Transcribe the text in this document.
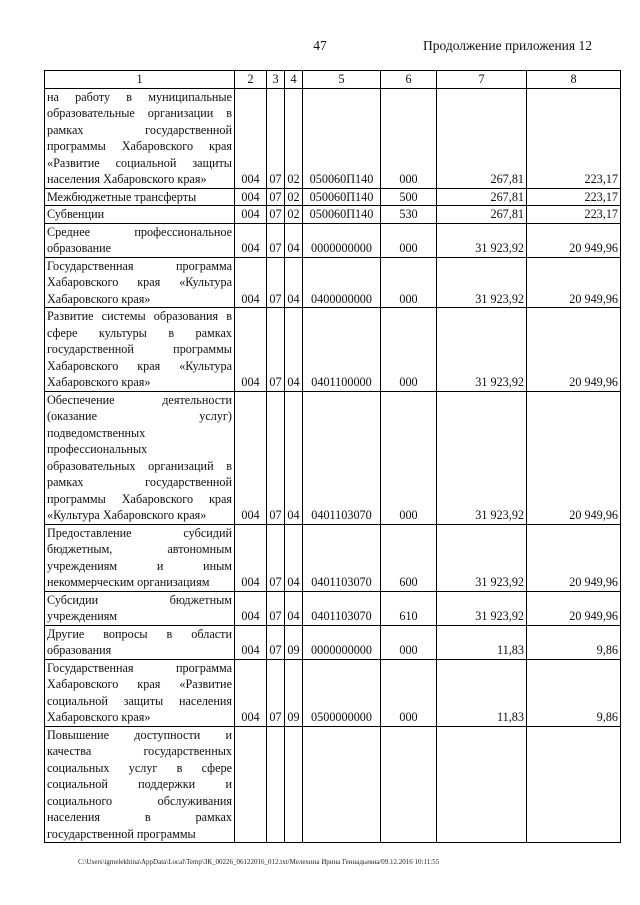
47	Продолжение приложения 12
1	2	3	4	5	6	7	8
на работу в муниципальные образовательные организации в рамках государственной программы Хабаровского края «Развитие социальной защиты населения Хабаровского края»	004	07	02	050060П140	000	267,81	223,17
Межбюджетные трансферты	004	07	02	050060П140	500	267,81	223,17
Субвенции	004	07	02	050060П140	530	267,81	223,17
Среднее профессиональное образование	004	07	04	0000000000	000	31 923,92	20 949,96
Государственная программа Хабаровского края «Культура Хабаровского края»	004	07	04	0400000000	000	31 923,92	20 949,96
Развитие системы образования в сфере культуры в рамках государственной программы Хабаровского края «Культура Хабаровского края»	004	07	04	0401100000	000	31 923,92	20 949,96
Обеспечение деятельности (оказание услуг) подведомственных профессиональных образовательных организаций в рамках государственной программы Хабаровского края «Культура Хабаровского края»	004	07	04	0401103070	000	31 923,92	20 949,96
Предоставление субсидий бюджетным, автономным учреждениям и иным некоммерческим организациям	004	07	04	0401103070	600	31 923,92	20 949,96
Субсидии бюджетным учреждениям	004	07	04	0401103070	610	31 923,92	20 949,96
Другие вопросы в области образования	004	07	09	0000000000	000	11,83	9,86
Государственная программа Хабаровского края «Развитие социальной защиты населения Хабаровского края»	004	07	09	0500000000	000	11,83	9,86
Повышение доступности и качества государственных социальных услуг в сфере социальной поддержки и социального обслуживания населения в рамках государственной программы							
C:\Users\igmelekhina\AppData\Local\Temp\ЗК_00226_06122016_012.txt/Мелехина Ирина Геннадьевна/09.12.2016 10:11:55
